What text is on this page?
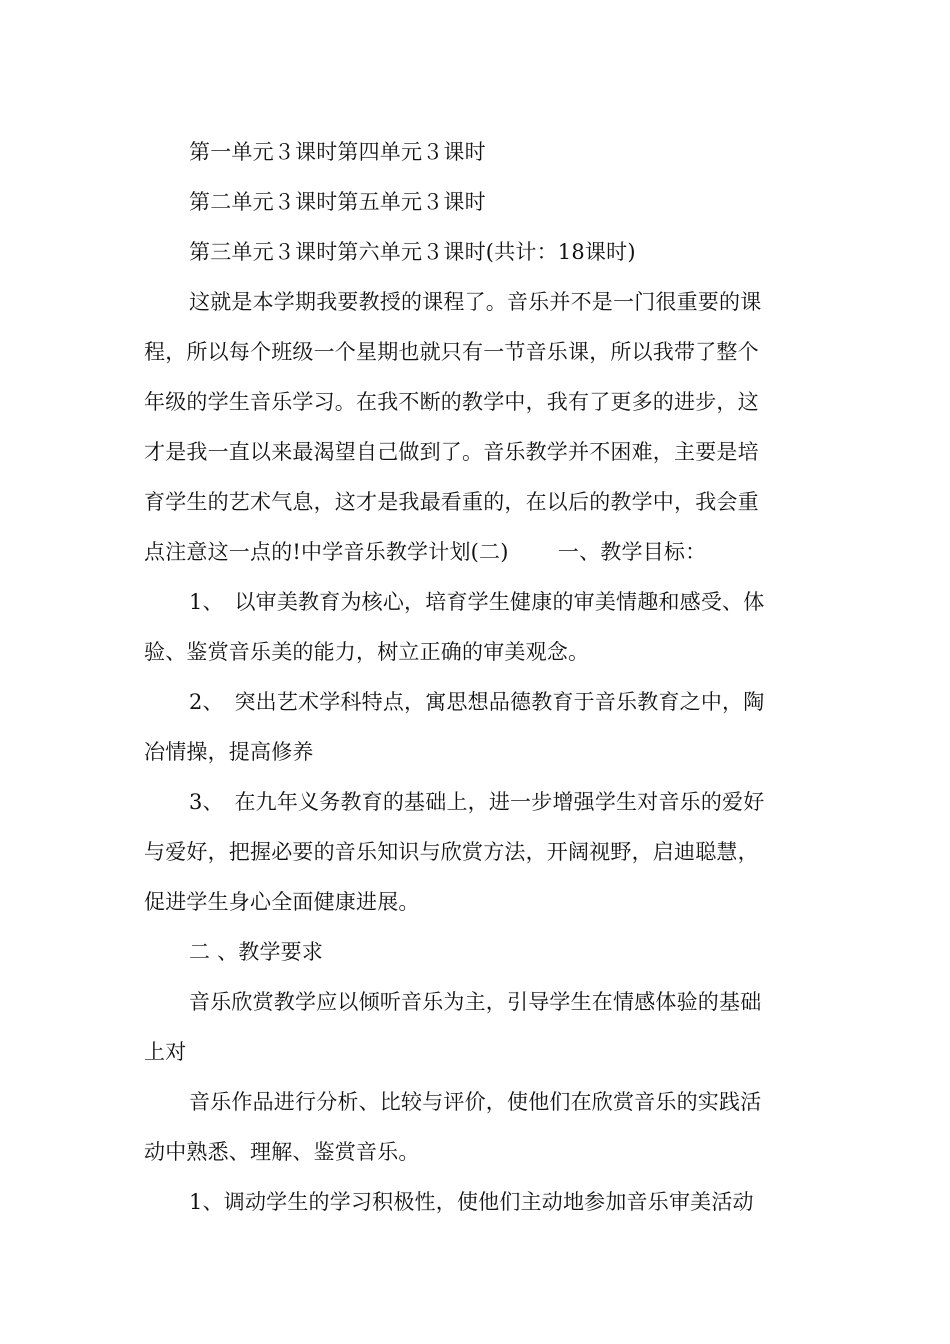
第一单元３课时第四单元３课时
第二单元３课时第五单元３课时
第三单元３课时第六单元３课时(共计：18课时)
这就是本学期我要教授的课程了。音乐并不是一门很重要的课
程，所以每个班级一个星期也就只有一节音乐课，所以我带了整个
年级的学生音乐学习。在我不断的教学中，我有了更多的进步，这
才是我一直以来最渴望自己做到了。音乐教学并不困难，主要是培
育学生的艺术气息，这才是我最看重的，在以后的教学中，我会重
点注意这一点的!中学音乐教学计划(二)　　 一、教学目标：
1、　以审美教育为核心，培育学生健康的审美情趣和感受、体
验、鉴赏音乐美的能力，树立正确的审美观念。
2、　突出艺术学科特点，寓思想品德教育于音乐教育之中，陶
冶情操，提高修养
3、　在九年义务教育的基础上，进一步增强学生对音乐的爱好
与爱好，把握必要的音乐知识与欣赏方法，开阔视野，启迪聪慧，
促进学生身心全面健康进展。
二 、教学要求
音乐欣赏教学应以倾听音乐为主，引导学生在情感体验的基础
上对
音乐作品进行分析、比较与评价，使他们在欣赏音乐的实践活
动中熟悉、理解、鉴赏音乐。
1、调动学生的学习积极性，使他们主动地参加音乐审美活动
